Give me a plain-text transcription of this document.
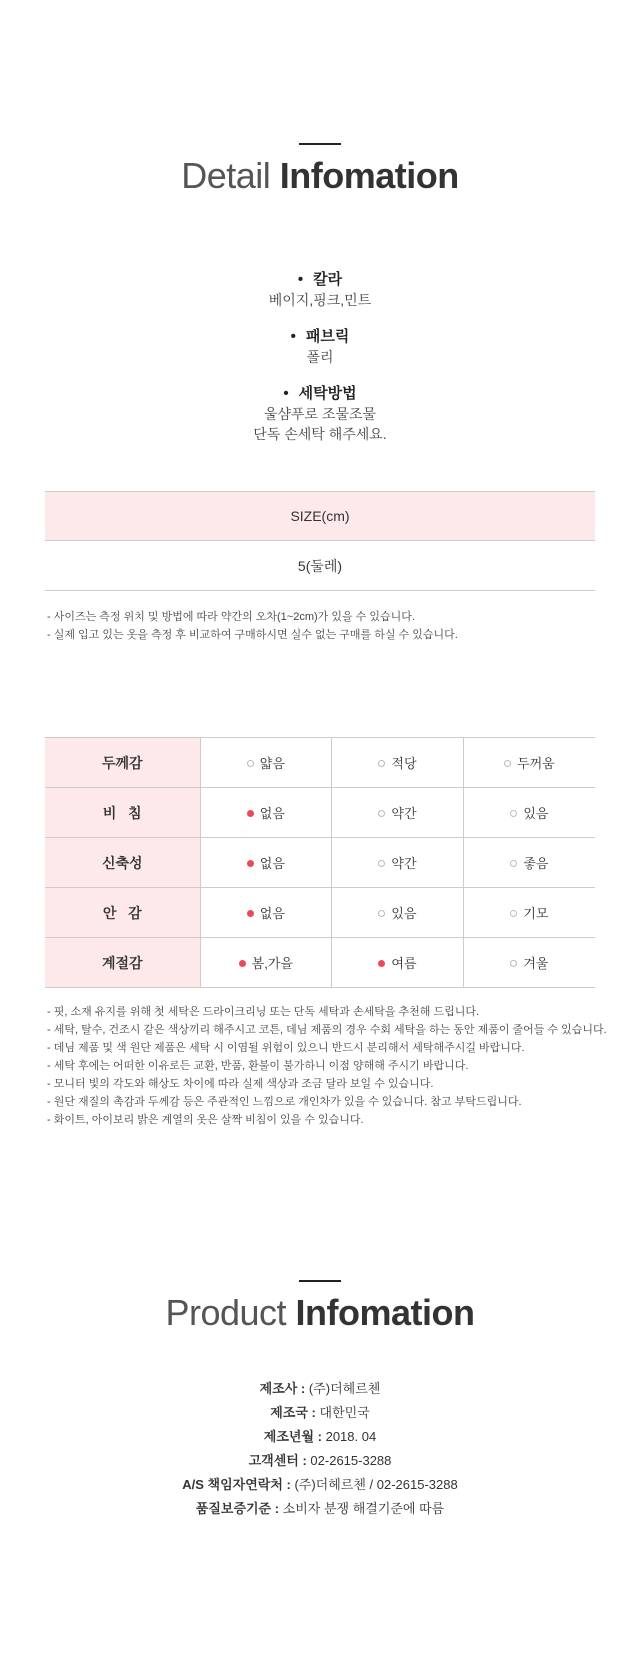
Detail Infomation
• 칼라
베이지,핑크,민트
• 패브릭
폴리
• 세탁방법
울샴푸로 조물조물
단독 손세탁 해주세요.
SIZE(cm)
5(둘레)
- 사이즈는 측정 위치 및 방법에 따라 약간의 오차(1~2cm)가 있을 수 있습니다.
- 실제 입고 있는 옷을 측정 후 비교하여 구매하시면 실수 없는 구매를 하실 수 있습니다.
두께감	얇음	적당	두꺼움
비   침	없음	약간	있음
신축성	없음	약간	좋음
안   감	없음	있음	기모
계절감	봄,가을	여름	겨울
- 핏, 소재 유지를 위해 첫 세탁은 드라이크리닝 또는 단독 세탁과 손세탁을 추천해 드립니다.
- 세탁, 탈수, 건조시 같은 색상끼리 해주시고 코튼, 데님 제품의 경우 수회 세탁을 하는 동안 제품이 줄어들 수 있습니다.
- 데님 제품 및 색 원단 제품은 세탁 시 이염될 위험이 있으니 반드시 분리해서 세탁해주시길 바랍니다.
- 세탁 후에는 어떠한 이유로든 교환, 반품, 환불이 불가하니 이점 양해해 주시기 바랍니다.
- 모니터 빛의 각도와 해상도 차이에 따라 실제 색상과 조금 달라 보일 수 있습니다.
- 원단 재질의 촉감과 두께감 등은 주관적인 느낌으로 개인차가 있을 수 있습니다. 참고 부탁드립니다.
- 화이트, 아이보리 밝은 계열의 옷은 살짝 비침이 있을 수 있습니다.
Product Infomation
제조사 : (주)더헤르첸
제조국 : 대한민국
제조년월 : 2018. 04
고객센터 : 02-2615-3288
A/S 책임자연락처 : (주)더헤르첸 / 02-2615-3288
품질보증기준 : 소비자 분쟁 해결기준에 따름
